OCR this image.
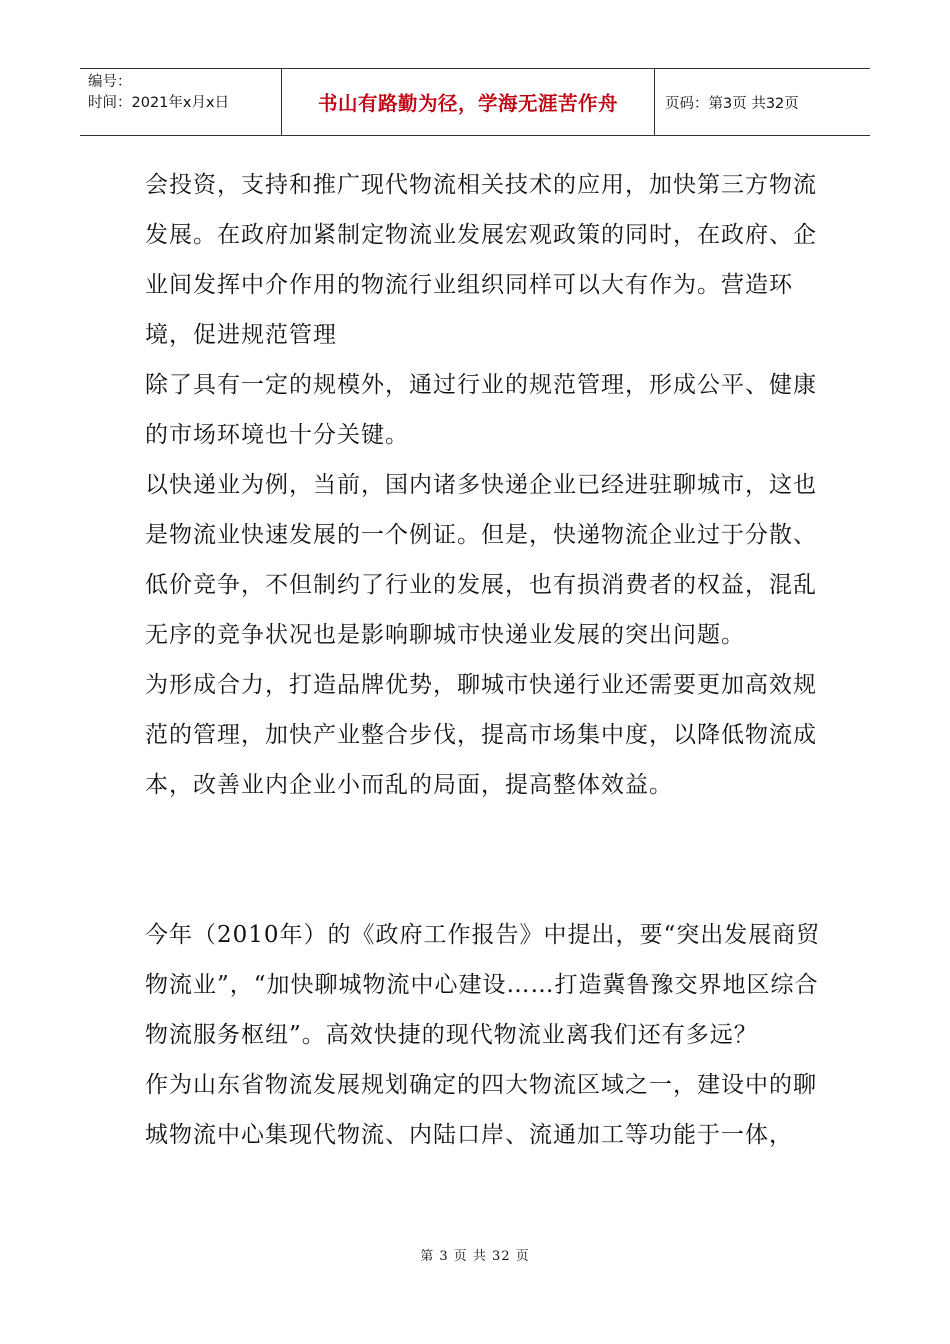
编号：
时间：2021年x月x日	书山有路勤为径，学海无涯苦作舟	页码：第3页 共32页

会投资，支持和推广现代物流相关技术的应用，加快第三方物流发展。在政府加紧制定物流业发展宏观政策的同时，在政府、企业间发挥中介作用的物流行业组织同样可以大有作为。营造环境，促进规范管理

除了具有一定的规模外，通过行业的规范管理，形成公平、健康的市场环境也十分关键。

以快递业为例，当前，国内诸多快递企业已经进驻聊城市，这也是物流业快速发展的一个例证。但是，快递物流企业过于分散、低价竞争，不但制约了行业的发展，也有损消费者的权益，混乱无序的竞争状况也是影响聊城市快递业发展的突出问题。

为形成合力，打造品牌优势，聊城市快递行业还需要更加高效规范的管理，加快产业整合步伐，提高市场集中度，以降低物流成本，改善业内企业小而乱的局面，提高整体效益。

今年（2010年）的《政府工作报告》中提出，要“突出发展商贸物流业”，“加快聊城物流中心建设……打造冀鲁豫交界地区综合物流服务枢纽”。高效快捷的现代物流业离我们还有多远？

作为山东省物流发展规划确定的四大物流区域之一，建设中的聊城物流中心集现代物流、内陆口岸、流通加工等功能于一体，

第 3 页 共 32 页
